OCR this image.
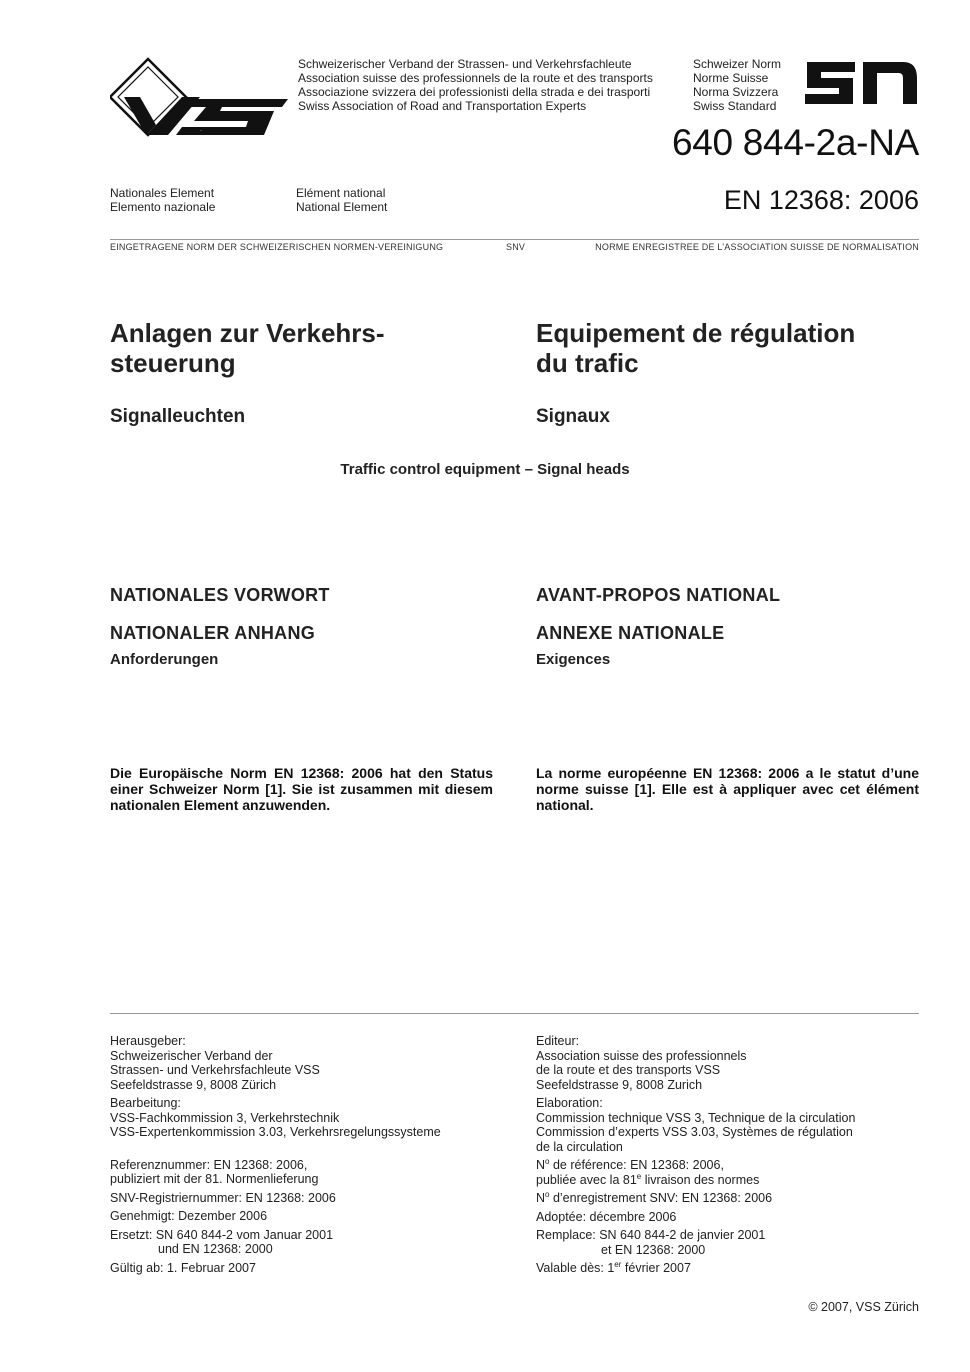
VSS
Schweizerischer Verband der Strassen- und Verkehrsfachleute
Association suisse des professionnels de la route et des transports
Associazione svizzera dei professionisti della strada e dei trasporti
Swiss Association of Road and Transportation Experts
Schweizer Norm
Norme Suisse
Norma Svizzera
Swiss Standard	SN
640 844-2a-NA
EN 12368: 2006
Nationales Element
Elemento nazionale
Elément national
National Element
EINGETRAGENE NORM DER SCHWEIZERISCHEN NORMEN-VEREINIGUNG	SNV	NORME ENREGISTREE DE L’ASSOCIATION SUISSE DE NORMALISATION
Anlagen zur Verkehrs-
steuerung
Equipement de régulation
du trafic
Signalleuchten	Signaux
Traffic control equipment – Signal heads
NATIONALES VORWORT	AVANT-PROPOS NATIONAL
NATIONALER ANHANG	ANNEXE NATIONALE
Anforderungen	Exigences
Die Europäische Norm EN 12368: 2006 hat den Status einer Schweizer Norm [1]. Sie ist zusammen mit diesem nationalen Element anzuwenden.
La norme européenne EN 12368: 2006 a le statut d’une norme suisse [1]. Elle est à appliquer avec cet élément national.
Herausgeber:
Schweizerischer Verband der
Strassen- und Verkehrsfachleute VSS
Seefeldstrasse 9, 8008 Zürich
Bearbeitung:
VSS-Fachkommission 3, Verkehrstechnik
VSS-Expertenkommission 3.03, Verkehrsregelungssysteme
Referenznummer: EN 12368: 2006,
publiziert mit der 81. Normenlieferung
SNV-Registriernummer: EN 12368: 2006
Genehmigt: Dezember 2006
Ersetzt: SN 640 844-2 vom Januar 2001
und EN 12368: 2000
Gültig ab: 1. Februar 2007
Editeur:
Association suisse des professionnels
de la route et des transports VSS
Seefeldstrasse 9, 8008 Zurich
Elaboration:
Commission technique VSS 3, Technique de la circulation
Commission d’experts VSS 3.03, Systèmes de régulation
de la circulation
$N^o$ de référence: EN 12368: 2006,
publiée avec la 81e livraison des normes
$N^o$ d’enregistrement SNV: EN 12368: 2006
Adoptée: décembre 2006
Remplace: SN 640 844-2 de janvier 2001
et EN 12368: 2000
Valable dès: 1er février 2007
© 2007, VSS Zürich
